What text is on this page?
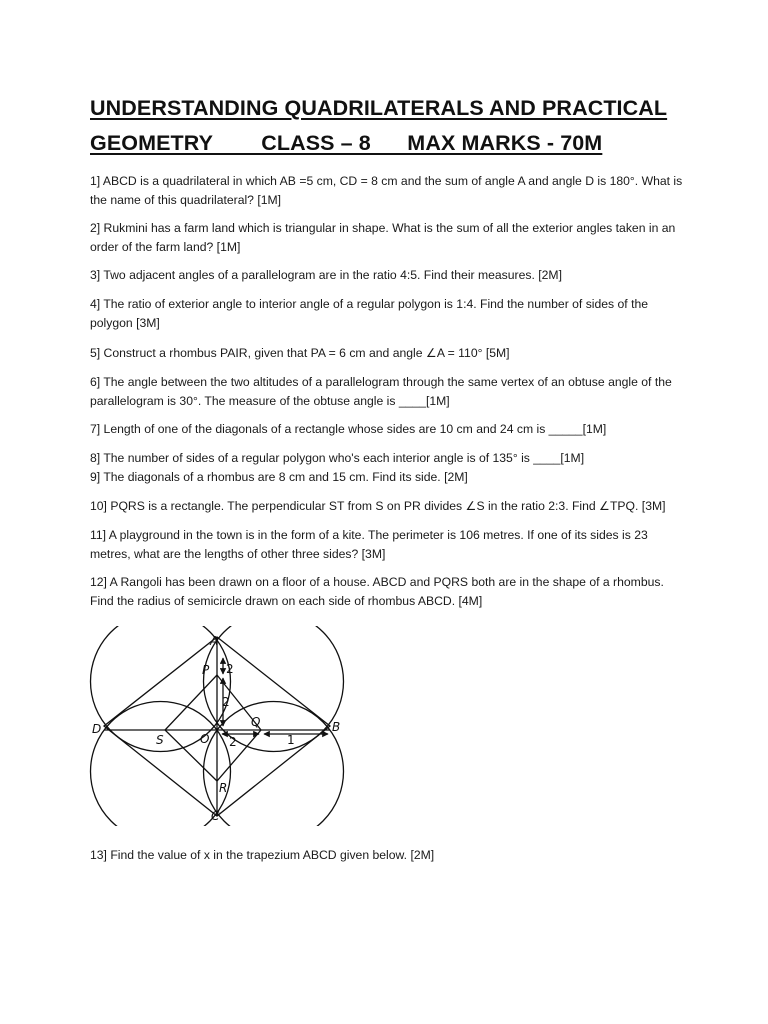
UNDERSTANDING QUADRILATERALS AND PRACTICAL
GEOMETRY        CLASS – 8      MAX MARKS - 70M
1] ABCD is a quadrilateral in which AB =5 cm, CD = 8 cm and the sum of angle A and angle D is 180°. What is the name of this quadrilateral? [1M]
2] Rukmini has a farm land which is triangular in shape. What is the sum of all the exterior angles taken in an order of the farm land? [1M]
3] Two adjacent angles of a parallelogram are in the ratio 4:5. Find their measures. [2M]
4] The ratio of exterior angle to interior angle of a regular polygon is 1:4. Find the number of sides of the polygon [3M]
5] Construct a rhombus PAIR, given that PA = 6 cm and angle ∠A = 110° [5M]
6] The angle between the two altitudes of a parallelogram through the same vertex of an obtuse angle of the parallelogram is 30°. The measure of the obtuse angle is ____[1M]
7] Length of one of the diagonals of a rectangle whose sides are 10 cm and 24 cm is _____[1M]
8] The number of sides of a regular polygon who's each interior angle is of 135° is ____[1M]
9] The diagonals of a rhombus are 8 cm and 15 cm. Find its side. [2M]
10] PQRS is a rectangle. The perpendicular ST from S on PR divides ∠S in the ratio 2:3. Find ∠TPQ. [3M]
11] A playground in the town is in the form of a kite. The perimeter is 106 metres. If one of its sides is 23 metres, what are the lengths of other three sides? [3M]
12] A Rangoli has been drawn on a floor of a house. ABCD and PQRS both are in the shape of a rhombus. Find the radius of semicircle drawn on each side of rhombus ABCD. [4M]
A
B
C
D
P
Q
R
S	O
2
2
2	1
13] Find the value of x in the trapezium ABCD given below. [2M]
